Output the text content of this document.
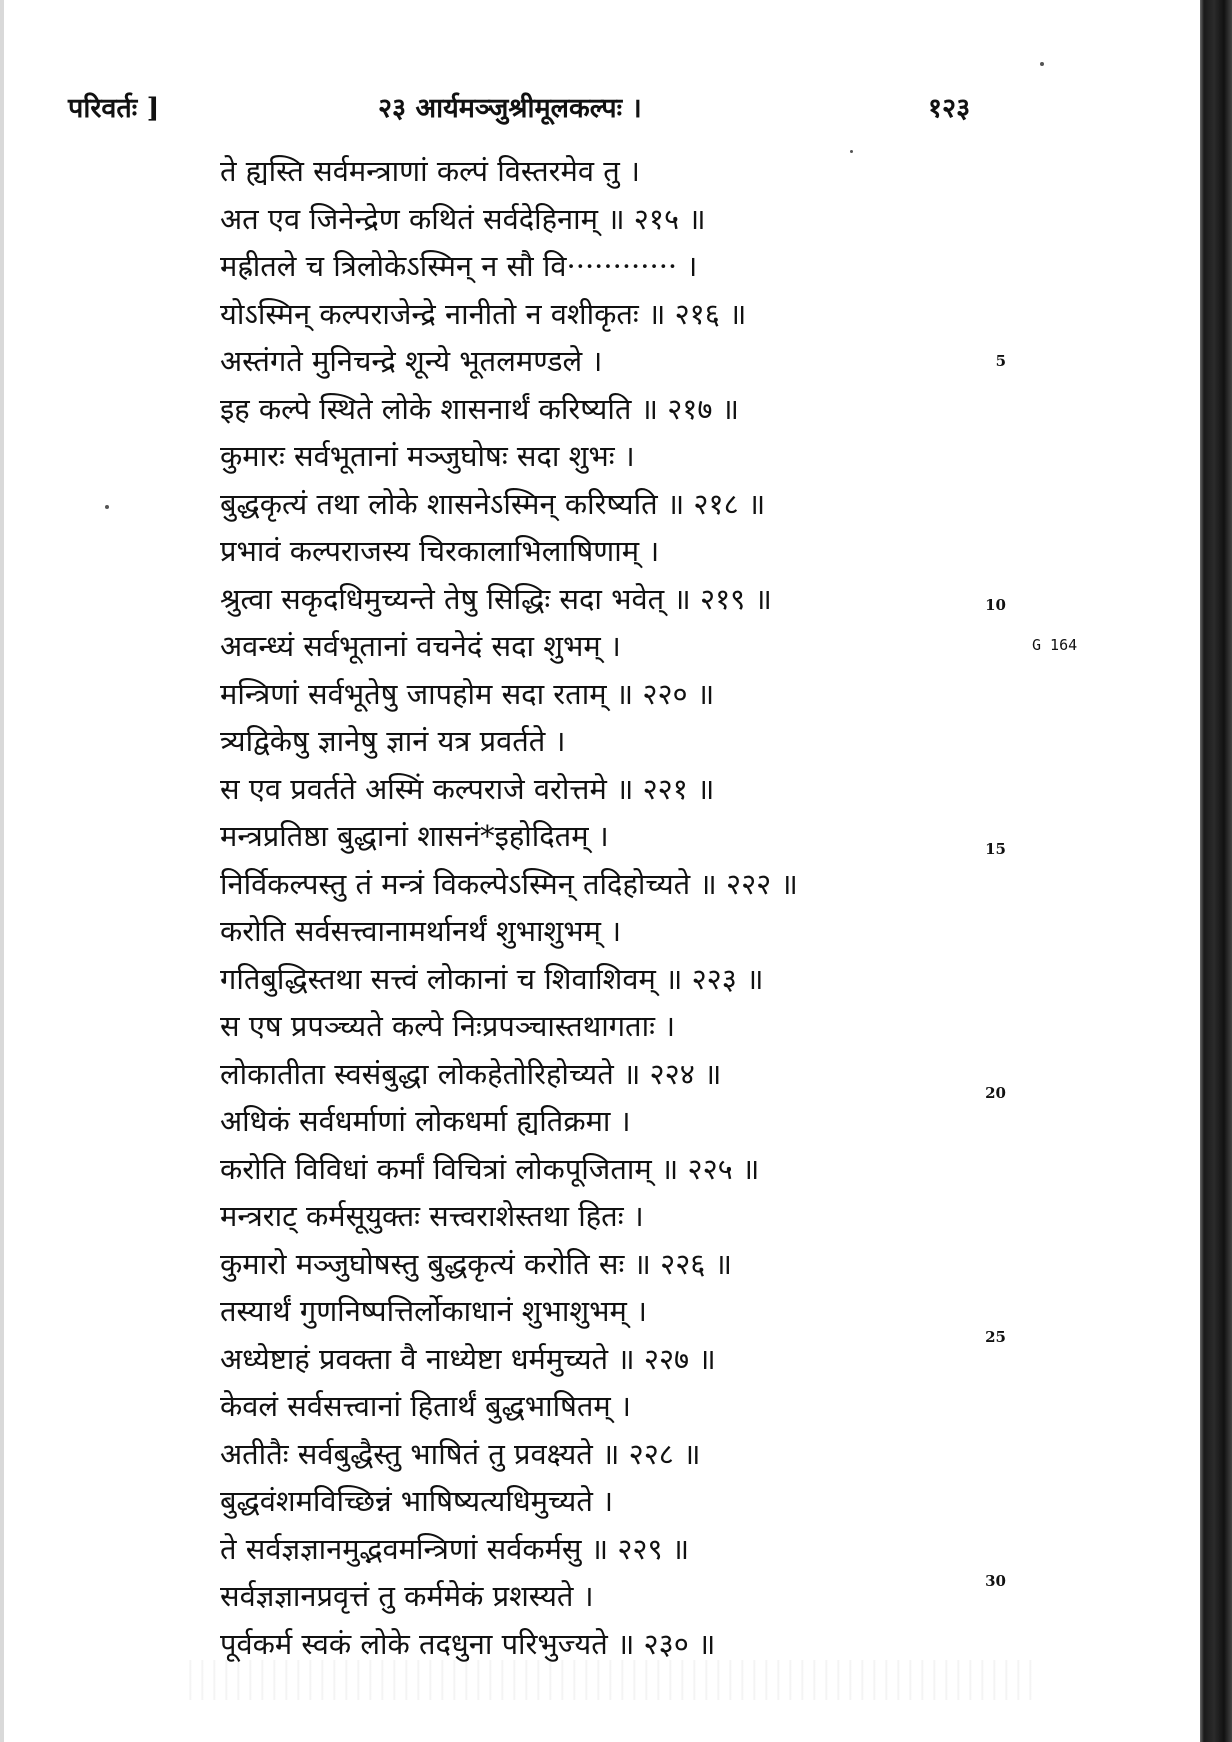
परिवर्तः ]	२३ आर्यमञ्जुश्रीमूलकल्पः ।	१२३
ते ह्यस्ति सर्वमन्त्राणां कल्पं विस्तरमेव तु ।
अत एव जिनेन्द्रेण कथितं सर्वदेहिनाम् ॥ २१५ ॥
मह्रीतले च त्रिलोकेऽस्मिन् न सौ वि············ ।
योऽस्मिन् कल्पराजेन्द्रे नानीतो न वशीकृतः ॥ २१६ ॥
अस्तंगते मुनिचन्द्रे शून्ये भूतलमण्डले ।
इह कल्पे स्थिते लोके शासनार्थं करिष्यति ॥ २१७ ॥
कुमारः सर्वभूतानां मञ्जुघोषः सदा शुभः ।
बुद्धकृत्यं तथा लोके शासनेऽस्मिन् करिष्यति ॥ २१८ ॥
प्रभावं कल्पराजस्य चिरकालाभिलाषिणाम् ।
श्रुत्वा सकृदधिमुच्यन्ते तेषु सिद्धिः सदा भवेत् ॥ २१९ ॥
अवन्ध्यं सर्वभूतानां वचनेदं सदा शुभम् ।
मन्त्रिणां सर्वभूतेषु जापहोम सदा रताम् ॥ २२० ॥
त्र्यद्विकेषु ज्ञानेषु ज्ञानं यत्र प्रवर्तते ।
स एव प्रवर्तते अस्मिं कल्पराजे वरोत्तमे ॥ २२१ ॥
मन्त्रप्रतिष्ठा बुद्धानां शासनं*इहोदितम् ।
निर्विकल्पस्तु तं मन्त्रं विकल्पेऽस्मिन् तदिहोच्यते ॥ २२२ ॥
करोति सर्वसत्त्वानामर्थानर्थं शुभाशुभम् ।
गतिबुद्धिस्तथा सत्त्वं लोकानां च शिवाशिवम् ॥ २२३ ॥
स एष प्रपञ्च्यते कल्पे निःप्रपञ्चास्तथागताः ।
लोकातीता स्वसंबुद्धा लोकहेतोरिहोच्यते ॥ २२४ ॥
अधिकं सर्वधर्माणां लोकधर्मा ह्यतिक्रमा ।
करोति विविधां कर्मां विचित्रां लोकपूजिताम् ॥ २२५ ॥
मन्त्रराट् कर्मसूयुक्तः सत्त्वराशेस्तथा हितः ।
कुमारो मञ्जुघोषस्तु बुद्धकृत्यं करोति सः ॥ २२६ ॥
तस्यार्थं गुणनिष्पत्तिर्लोकाधानं शुभाशुभम् ।
अध्येष्टाहं प्रवक्ता वै नाध्येष्टा धर्ममुच्यते ॥ २२७ ॥
केवलं सर्वसत्त्वानां हितार्थं बुद्धभाषितम् ।
अतीतैः सर्वबुद्धैस्तु भाषितं तु प्रवक्ष्यते ॥ २२८ ॥
बुद्धवंशमविच्छिन्नं भाषिष्यत्यधिमुच्यते ।
ते सर्वज्ञज्ञानमुद्भवमन्त्रिणां सर्वकर्मसु ॥ २२९ ॥
सर्वज्ञज्ञानप्रवृत्तं तु कर्ममेकं प्रशस्यते ।
पूर्वकर्म स्वकं लोके तदधुना परिभुज्यते ॥ २३० ॥
5
10
15
20
25
30
G 164
